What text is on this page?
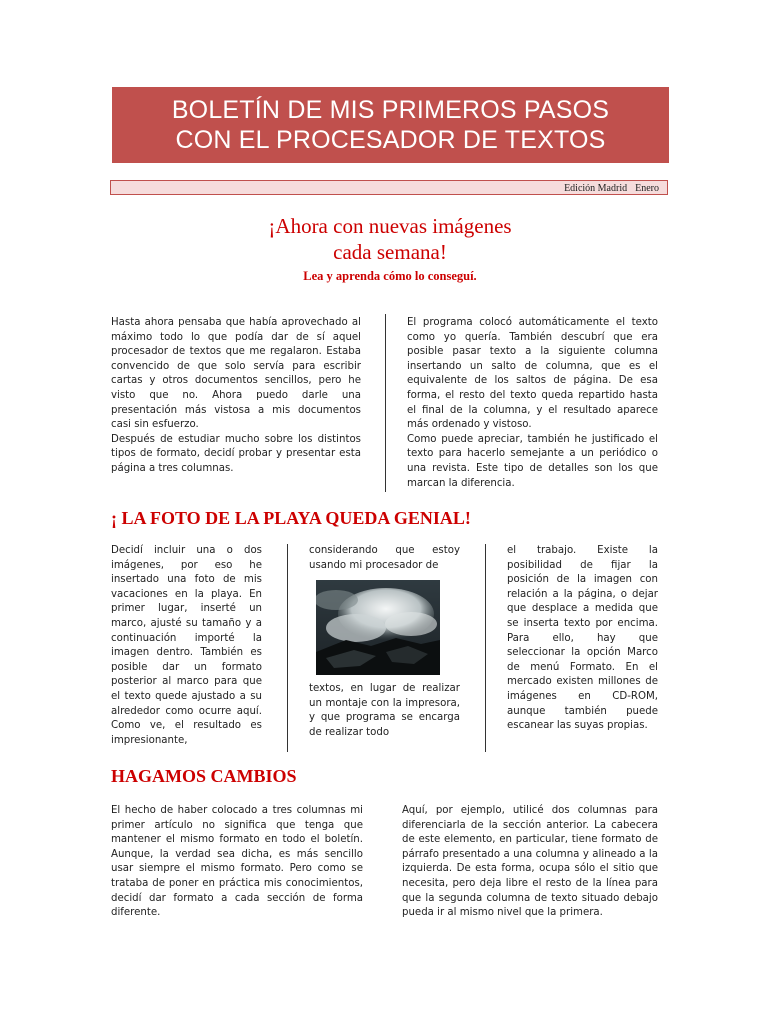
BOLETÍN DE MIS PRIMEROS PASOS
CON EL PROCESADOR DE TEXTOS
Edición Madrid Enero
¡Ahora con nuevas imágenes
cada semana!
Lea y aprenda cómo lo conseguí.

Hasta ahora pensaba que había aprovechado al máximo todo lo que podía dar de sí aquel procesador de textos que me regalaron. Estaba convencido de que solo servía para escribir cartas y otros documentos sencillos, pero he visto que no. Ahora puedo darle una presentación más vistosa a mis documentos casi sin esfuerzo.

Después de estudiar mucho sobre los distintos tipos de formato, decidí probar y presentar esta página a tres columnas.

El programa colocó automáticamente el texto como yo quería. También descubrí que era posible pasar texto a la siguiente columna insertando un salto de columna, que es el equivalente de los saltos de página. De esa forma, el resto del texto queda repartido hasta el final de la columna, y el resultado aparece más ordenado y vistoso.

Como puede apreciar, también he justificado el texto para hacerlo semejante a un periódico o una revista. Este tipo de detalles son los que marcan la diferencia.

¡ LA FOTO DE LA PLAYA QUEDA GENIAL!
Decidí incluir una o dos imágenes, por eso he insertado una foto de mis vacaciones en la playa. En primer lugar, inserté un marco, ajusté su tamaño y a continuación importé la imagen dentro. También es posible dar un formato posterior al marco para que el texto quede ajustado a su alrededor como ocurre aquí. Como ve, el resultado es impresionante,
considerando que estoy usando mi procesador de
textos, en lugar de realizar un montaje con la impresora, y que programa se encarga de realizar todo
el trabajo. Existe la posibilidad de fijar la posición de la imagen con relación a la página, o dejar que desplace a medida que se inserta texto por encima. Para ello, hay que seleccionar la opción Marco de menú Formato. En el mercado existen millones de imágenes en CD-ROM, aunque también puede escanear las suyas propias.
HAGAMOS CAMBIOS
El hecho de haber colocado a tres columnas mi primer artículo no significa que tenga que mantener el mismo formato en todo el boletín. Aunque, la verdad sea dicha, es más sencillo usar siempre el mismo formato. Pero como se trataba de poner en práctica mis conocimientos, decidí dar formato a cada sección de forma diferente.
Aquí, por ejemplo, utilicé dos columnas para diferenciarla de la sección anterior. La cabecera de este elemento, en particular, tiene formato de párrafo presentado a una columna y alineado a la izquierda. De esta forma, ocupa sólo el sitio que necesita, pero deja libre el resto de la línea para que la segunda columna de texto situado debajo pueda ir al mismo nivel que la primera.
